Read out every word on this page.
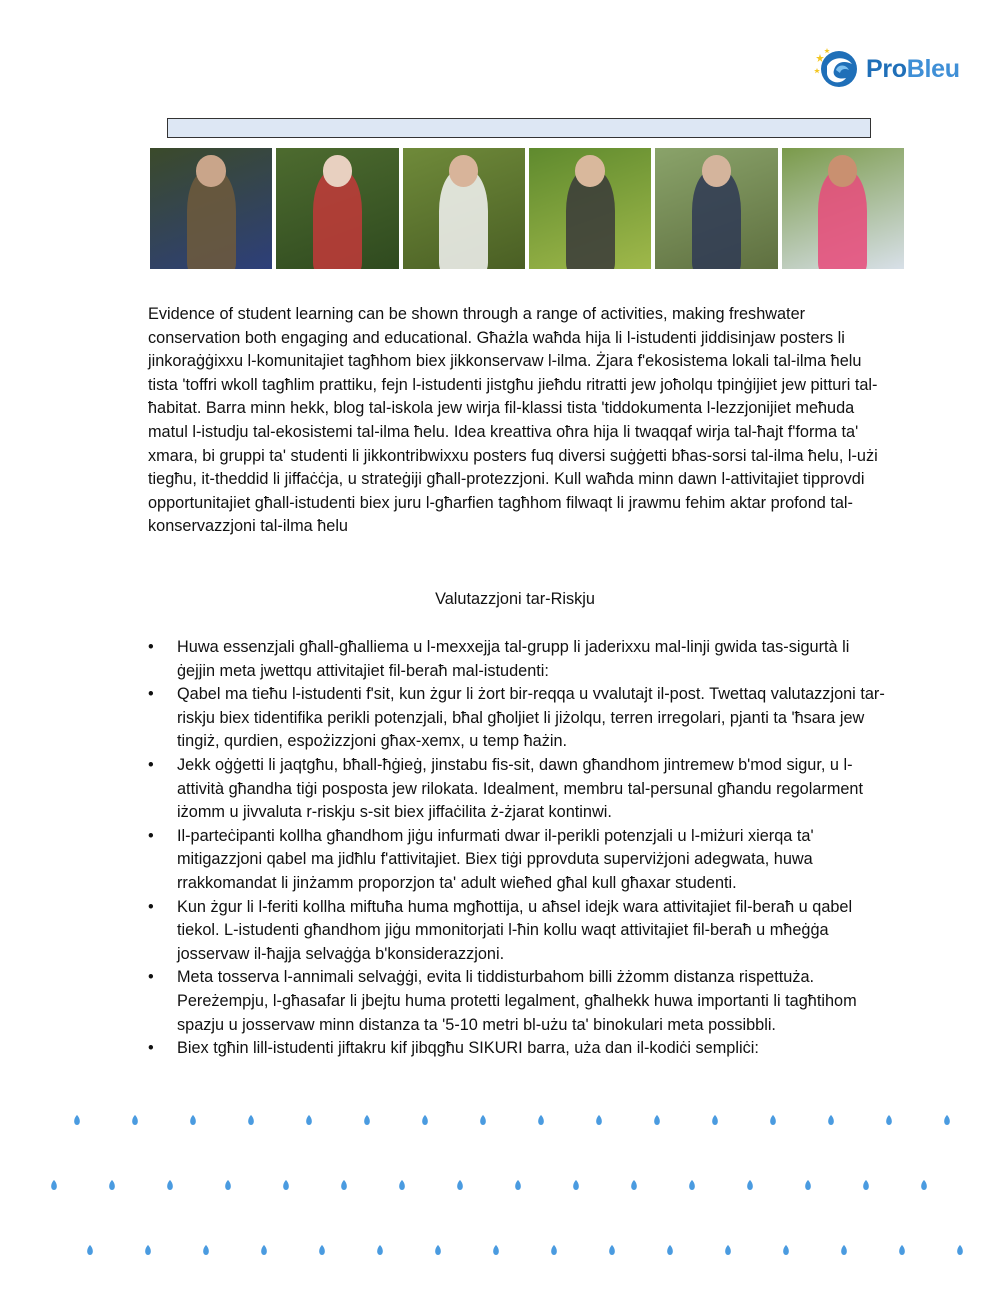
ProBleu

Evidence of student learning can be shown through a range of activities, making freshwater conservation both engaging and educational. Għażla waħda hija li l-istudenti jiddisinjaw posters li jinkoraġġixxu l-komunitajiet tagħhom biex jikkonservaw l-ilma. Żjara f'ekosistema lokali tal-ilma ħelu tista 'toffri wkoll tagħlim prattiku, fejn l-istudenti jistgħu jieħdu ritratti jew joħolqu tpinġijiet jew pitturi tal-ħabitat. Barra minn hekk, blog tal-iskola jew wirja fil-klassi tista 'tiddokumenta l-lezzjonijiet meħuda matul l-istudju tal-ekosistemi tal-ilma ħelu. Idea kreattiva oħra hija li twaqqaf wirja tal-ħajt f'forma ta' xmara, bi gruppi ta' studenti li jikkontribwixxu posters fuq diversi suġġetti bħas-sorsi tal-ilma ħelu, l-użi tiegħu, it-theddid li jiffaċċja, u strateġiji għall-protezzjoni. Kull waħda minn dawn l-attivitajiet tipprovdi opportunitajiet għall-istudenti biex juru l-għarfien tagħhom filwaqt li jrawmu fehim aktar profond tal-konservazzjoni tal-ilma ħelu

Valutazzjoni tar-Riskju

• Huwa essenzjali għall-għalliema u l-mexxejja tal-grupp li jaderixxu mal-linji gwida tas-sigurtà li ġejjin meta jwettqu attivitajiet fil-beraħ mal-istudenti:
• Qabel ma tieħu l-istudenti f'sit, kun żgur li żort bir-reqqa u vvalutajt il-post. Twettaq valutazzjoni tar-riskju biex tidentifika perikli potenzjali, bħal għoljiet li jiżolqu, terren irregolari, pjanti ta 'ħsara jew tingiż, qurdien, espożizzjoni għax-xemx, u temp ħażin.
• Jekk oġġetti li jaqtgħu, bħall-ħġieġ, jinstabu fis-sit, dawn għandhom jintremew b'mod sigur, u l-attività għandha tiġi posposta jew rilokata. Idealment, membru tal-persunal għandu regolarment iżomm u jivvaluta r-riskju s-sit biex jiffaċilita ż-żjarat kontinwi.
• Il-parteċipanti kollha għandhom jiġu infurmati dwar il-perikli potenzjali u l-miżuri xierqa ta' mitigazzjoni qabel ma jidħlu f'attivitajiet. Biex tiġi pprovduta superviżjoni adegwata, huwa rrakkomandat li jinżamm proporzjon ta' adult wieħed għal kull għaxar studenti.
• Kun żgur li l-feriti kollha miftuħa huma mgħottija, u aħsel idejk wara attivitajiet fil-beraħ u qabel tiekol. L-istudenti għandhom jiġu mmonitorjati l-ħin kollu waqt attivitajiet fil-beraħ u mħeġġa josservaw il-ħajja selvaġġa b'konsiderazzjoni.
• Meta tosserva l-annimali selvaġġi, evita li tiddisturbahom billi żżomm distanza rispettuża. Pereżempju, l-għasafar li jbejtu huma protetti legalment, għalhekk huwa importanti li tagħtihom spazju u josservaw minn distanza ta '5-10 metri bl-użu ta' binokulari meta possibbli.
• Biex tgħin lill-istudenti jiftakru kif jibqgħu SIKURI barra, uża dan il-kodiċi sempliċi:
